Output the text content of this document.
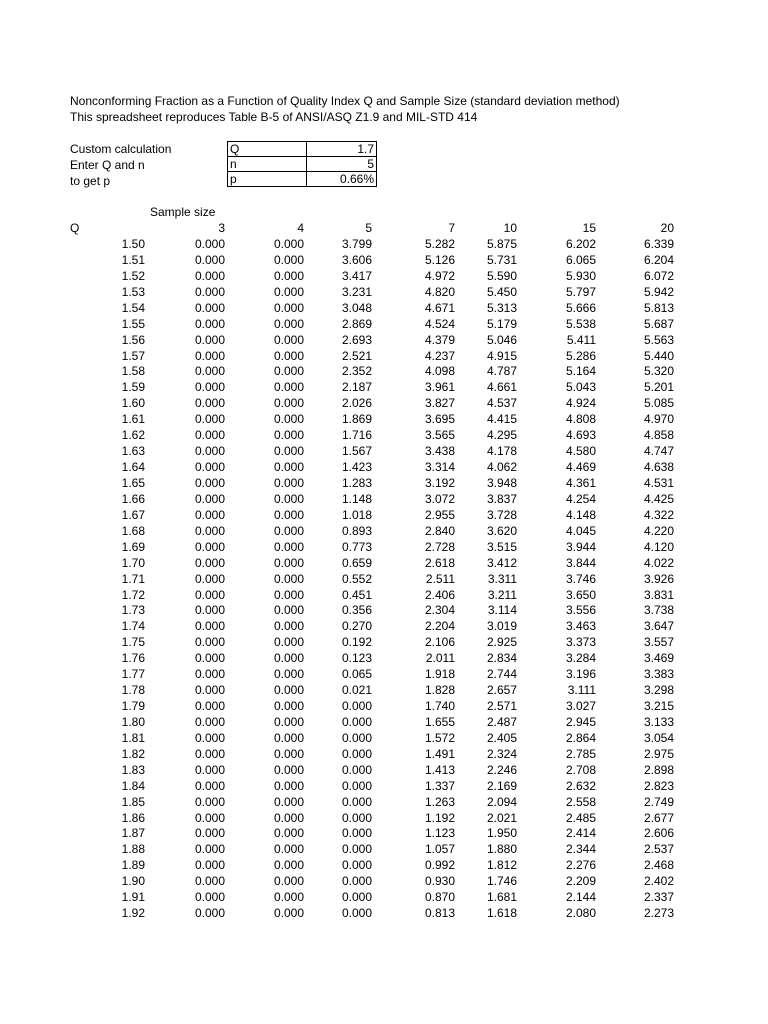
Nonconforming Fraction as a Function of Quality Index Q and Sample Size (standard deviation method)
This spreadsheet reproduces Table B-5 of ANSI/ASQ Z1.9 and MIL-STD 414
Custom calculation
Enter Q and n
to get p
Q	1.7
n	5
p	0.66%
Sample size
Q	3	4	5	7	10	15	20
1.50	0.000	0.000	3.799	5.282	5.875	6.202	6.339
1.51	0.000	0.000	3.606	5.126	5.731	6.065	6.204
1.52	0.000	0.000	3.417	4.972	5.590	5.930	6.072
1.53	0.000	0.000	3.231	4.820	5.450	5.797	5.942
1.54	0.000	0.000	3.048	4.671	5.313	5.666	5.813
1.55	0.000	0.000	2.869	4.524	5.179	5.538	5.687
1.56	0.000	0.000	2.693	4.379	5.046	5.411	5.563
1.57	0.000	0.000	2.521	4.237	4.915	5.286	5.440
1.58	0.000	0.000	2.352	4.098	4.787	5.164	5.320
1.59	0.000	0.000	2.187	3.961	4.661	5.043	5.201
1.60	0.000	0.000	2.026	3.827	4.537	4.924	5.085
1.61	0.000	0.000	1.869	3.695	4.415	4.808	4.970
1.62	0.000	0.000	1.716	3.565	4.295	4.693	4.858
1.63	0.000	0.000	1.567	3.438	4.178	4.580	4.747
1.64	0.000	0.000	1.423	3.314	4.062	4.469	4.638
1.65	0.000	0.000	1.283	3.192	3.948	4.361	4.531
1.66	0.000	0.000	1.148	3.072	3.837	4.254	4.425
1.67	0.000	0.000	1.018	2.955	3.728	4.148	4.322
1.68	0.000	0.000	0.893	2.840	3.620	4.045	4.220
1.69	0.000	0.000	0.773	2.728	3.515	3.944	4.120
1.70	0.000	0.000	0.659	2.618	3.412	3.844	4.022
1.71	0.000	0.000	0.552	2.511	3.311	3.746	3.926
1.72	0.000	0.000	0.451	2.406	3.211	3.650	3.831
1.73	0.000	0.000	0.356	2.304	3.114	3.556	3.738
1.74	0.000	0.000	0.270	2.204	3.019	3.463	3.647
1.75	0.000	0.000	0.192	2.106	2.925	3.373	3.557
1.76	0.000	0.000	0.123	2.011	2.834	3.284	3.469
1.77	0.000	0.000	0.065	1.918	2.744	3.196	3.383
1.78	0.000	0.000	0.021	1.828	2.657	3.111	3.298
1.79	0.000	0.000	0.000	1.740	2.571	3.027	3.215
1.80	0.000	0.000	0.000	1.655	2.487	2.945	3.133
1.81	0.000	0.000	0.000	1.572	2.405	2.864	3.054
1.82	0.000	0.000	0.000	1.491	2.324	2.785	2.975
1.83	0.000	0.000	0.000	1.413	2.246	2.708	2.898
1.84	0.000	0.000	0.000	1.337	2.169	2.632	2.823
1.85	0.000	0.000	0.000	1.263	2.094	2.558	2.749
1.86	0.000	0.000	0.000	1.192	2.021	2.485	2.677
1.87	0.000	0.000	0.000	1.123	1.950	2.414	2.606
1.88	0.000	0.000	0.000	1.057	1.880	2.344	2.537
1.89	0.000	0.000	0.000	0.992	1.812	2.276	2.468
1.90	0.000	0.000	0.000	0.930	1.746	2.209	2.402
1.91	0.000	0.000	0.000	0.870	1.681	2.144	2.337
1.92	0.000	0.000	0.000	0.813	1.618	2.080	2.273
